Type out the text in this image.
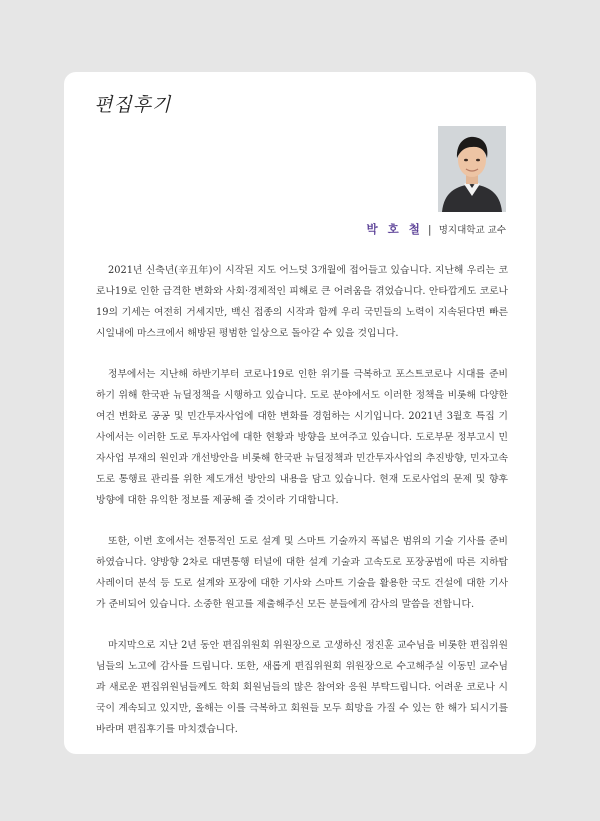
편집후기
박 호 철 | 명지대학교 교수

2021년 신축년(辛丑年)이 시작된 지도 어느덧 3개월에 접어들고 있습니다. 지난해 우리는 코로나19로 인한 급격한 변화와 사회·경제적인 피해로 큰 어려움을 겪었습니다. 안타깝게도 코로나19의 기세는 여전히 거세지만, 백신 접종의 시작과 함께 우리 국민들의 노력이 지속된다면 빠른 시일내에 마스크에서 해방된 평범한 일상으로 돌아갈 수 있을 것입니다.

정부에서는 지난해 하반기부터 코로나19로 인한 위기를 극복하고 포스트코로나 시대를 준비하기 위해 한국판 뉴딜정책을 시행하고 있습니다. 도로 분야에서도 이러한 정책을 비롯해 다양한 여건 변화로 공공 및 민간투자사업에 대한 변화를 경험하는 시기입니다. 2021년 3월호 특집 기사에서는 이러한 도로 투자사업에 대한 현황과 방향을 보여주고 있습니다. 도로부문 정부고시 민자사업 부재의 원인과 개선방안을 비롯해 한국판 뉴딜정책과 민간투자사업의 추진방향, 민자고속도로 통행료 관리를 위한 제도개선 방안의 내용을 담고 있습니다. 현재 도로사업의 문제 및 향후 방향에 대한 유익한 정보를 제공해 줄 것이라 기대합니다.

또한, 이번 호에서는 전통적인 도로 설계 및 스마트 기술까지 폭넓은 범위의 기술 기사를 준비하였습니다. 양방향 2차로 대면통행 터널에 대한 설계 기술과 고속도로 포장공법에 따른 지하탑사레이더 분석 등 도로 설계와 포장에 대한 기사와 스마트 기술을 활용한 국도 건설에 대한 기사가 준비되어 있습니다. 소중한 원고를 제출해주신 모든 분들에게 감사의 말씀을 전합니다.

마지막으로 지난 2년 동안 편집위원회 위원장으로 고생하신 정진훈 교수님을 비롯한 편집위원님들의 노고에 감사를 드립니다. 또한, 새롭게 편집위원회 위원장으로 수고해주실 이동민 교수님과 새로운 편집위원님들께도 학회 회원님들의 많은 참여와 응원 부탁드립니다. 어려운 코로나 시국이 계속되고 있지만, 올해는 이를 극복하고 회원들 모두 희망을 가질 수 있는 한 해가 되시기를 바라며 편집후기를 마치겠습니다.
